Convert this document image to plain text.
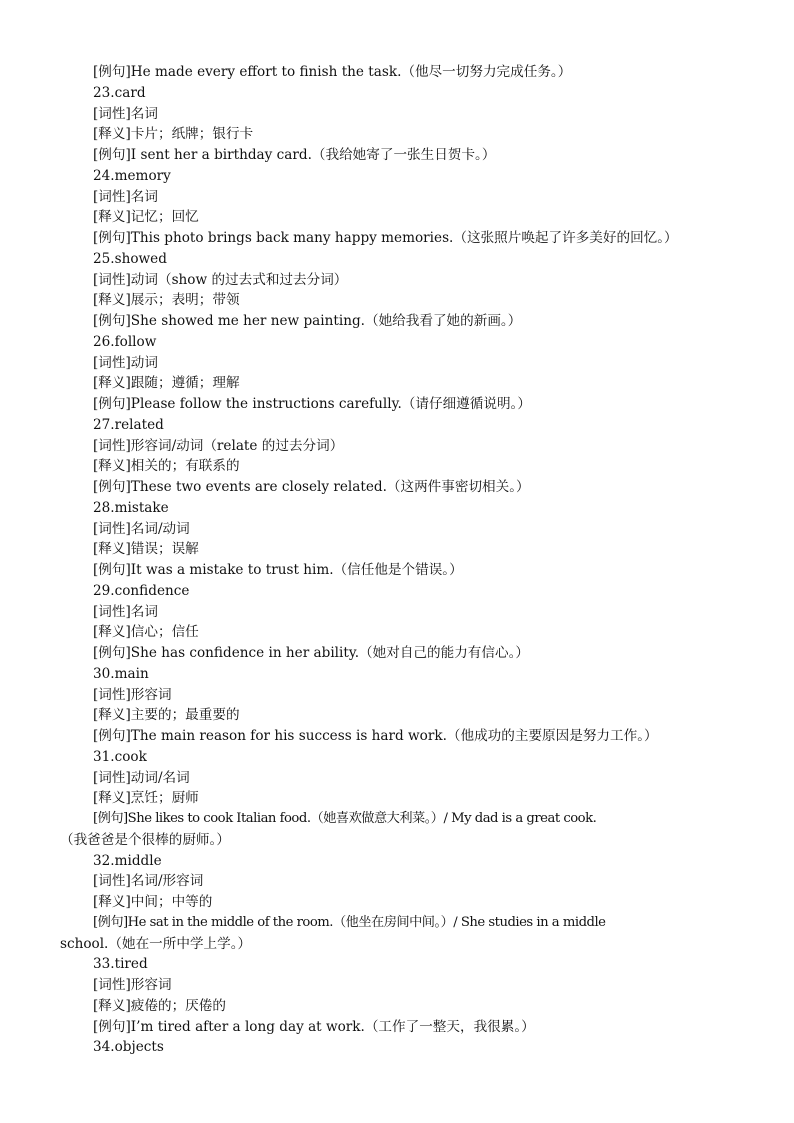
[例句]He made every effort to finish the task.（他尽一切努力完成任务。）
23.card
[词性]名词
[释义]卡片；纸牌；银行卡
[例句]I sent her a birthday card.（我给她寄了一张生日贺卡。）
24.memory
[词性]名词
[释义]记忆；回忆
[例句]This photo brings back many happy memories.（这张照片唤起了许多美好的回忆。）
25.showed
[词性]动词（show 的过去式和过去分词）
[释义]展示；表明；带领
[例句]She showed me her new painting.（她给我看了她的新画。）
26.follow
[词性]动词
[释义]跟随；遵循；理解
[例句]Please follow the instructions carefully.（请仔细遵循说明。）
27.related
[词性]形容词/动词（relate 的过去分词）
[释义]相关的；有联系的
[例句]These two events are closely related.（这两件事密切相关。）
28.mistake
[词性]名词/动词
[释义]错误；误解
[例句]It was a mistake to trust him.（信任他是个错误。）
29.confidence
[词性]名词
[释义]信心；信任
[例句]She has confidence in her ability.（她对自己的能力有信心。）
30.main
[词性]形容词
[释义]主要的；最重要的
[例句]The main reason for his success is hard work.（他成功的主要原因是努力工作。）
31.cook
[词性]动词/名词
[释义]烹饪；厨师
[例句]She likes to cook Italian food.（她喜欢做意大利菜。）/ My dad is a great cook.
（我爸爸是个很棒的厨师。）
32.middle
[词性]名词/形容词
[释义]中间；中等的
[例句]He sat in the middle of the room.（他坐在房间中间。）/ She studies in a middle
school.（她在一所中学上学。）
33.tired
[词性]形容词
[释义]疲倦的；厌倦的
[例句]I’m tired after a long day at work.（工作了一整天，我很累。）
34.objects
